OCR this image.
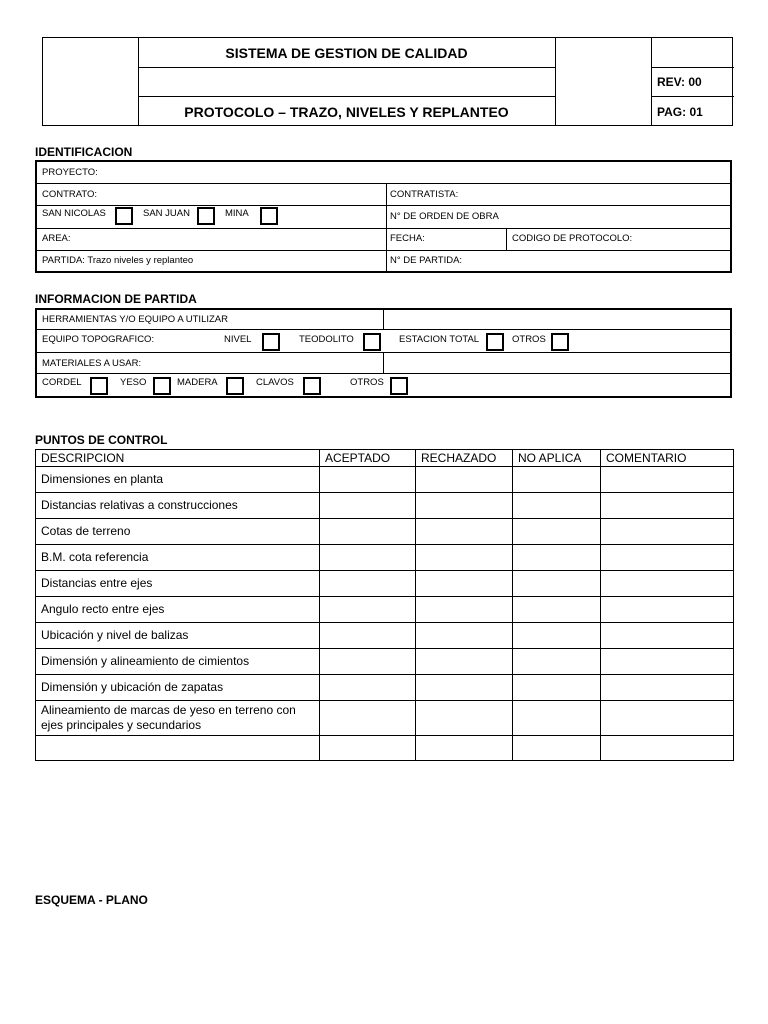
SISTEMA DE GESTION DE CALIDAD
PROTOCOLO – TRAZO, NIVELES Y REPLANTEO
REV: 00
PAG: 01
IDENTIFICACION
PROYECTO:
CONTRATO:	CONTRATISTA:
SAN NICOLAS	SAN JUAN	MINA	N° DE ORDEN DE OBRA
AREA:	FECHA:	CODIGO DE PROTOCOLO:
PARTIDA: Trazo niveles y replanteo	N° DE PARTIDA:
INFORMACION DE PARTIDA
HERRAMIENTAS Y/O EQUIPO A UTILIZAR
EQUIPO TOPOGRAFICO:	NIVEL	TEODOLITO	ESTACION TOTAL	OTROS
MATERIALES A USAR:
CORDEL	YESO	MADERA	CLAVOS	OTROS
PUNTOS DE CONTROL
DESCRIPCION	ACEPTADO	RECHAZADO	NO APLICA	COMENTARIO
Dimensiones en planta				
Distancias relativas a construcciones				
Cotas de terreno				
B.M. cota referencia				
Distancias entre ejes				
Angulo recto entre ejes				
Ubicación y nivel de balizas				
Dimensión y alineamiento de cimientos				
Dimensión y ubicación de zapatas				
Alineamiento de marcas de yeso en terreno con ejes principales y secundarios				

ESQUEMA - PLANO
